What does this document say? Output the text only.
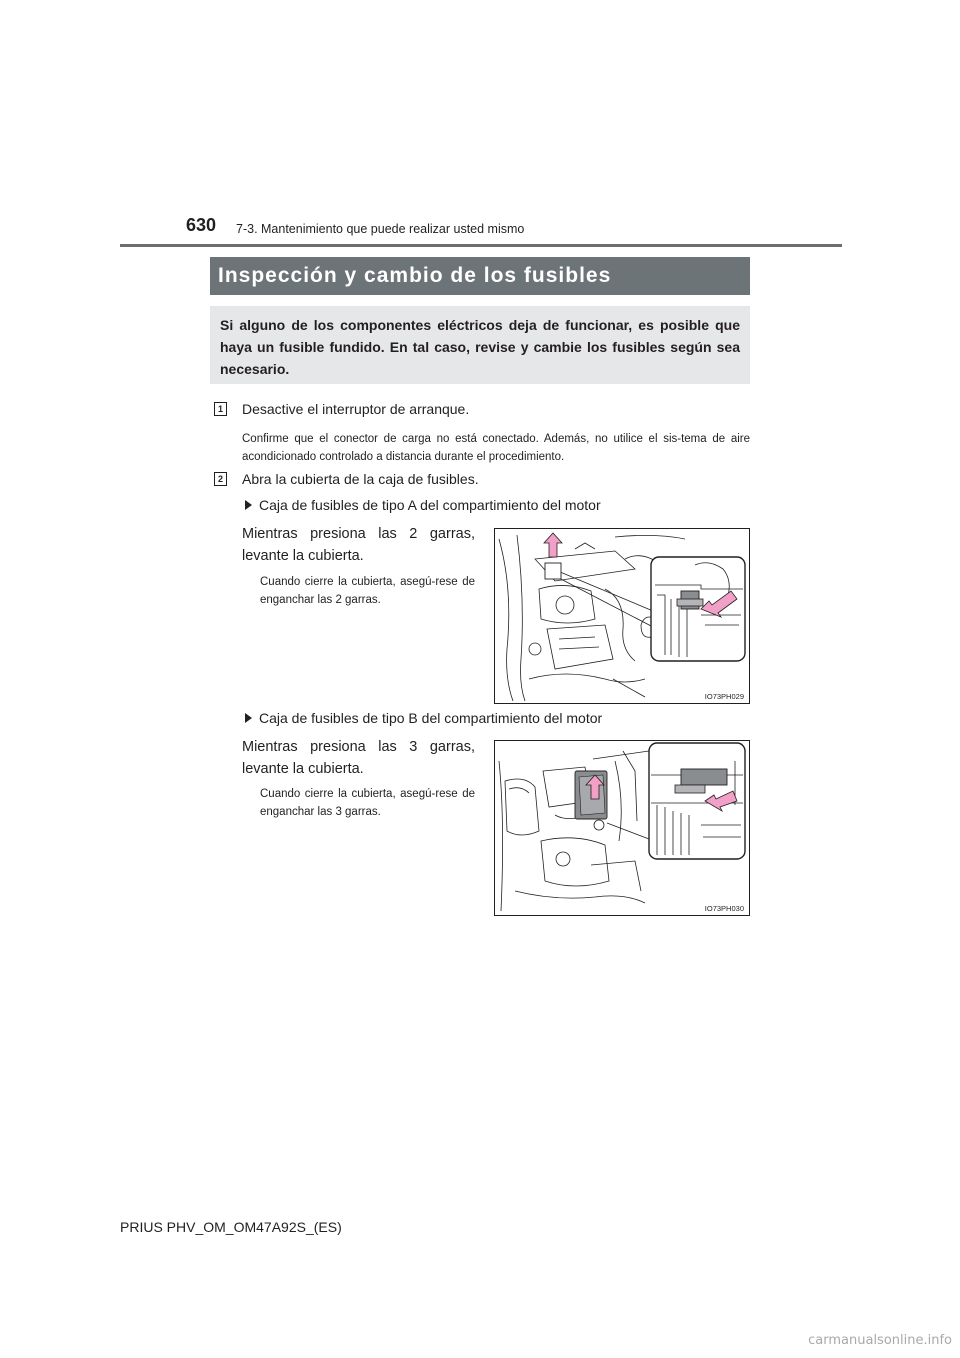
630 7-3. Mantenimiento que puede realizar usted mismo
Inspección y cambio de los fusibles
Si alguno de los componentes eléctricos deja de funcionar, es posible que haya un fusible fundido. En tal caso, revise y cambie los fusibles según sea necesario.
1 Desactive el interruptor de arranque.
Confirme que el conector de carga no está conectado. Además, no utilice el sis-tema de aire acondicionado controlado a distancia durante el procedimiento.
2 Abra la cubierta de la caja de fusibles.
Caja de fusibles de tipo A del compartimiento del motor
Mientras presiona las 2 garras, levante la cubierta.
Cuando cierre la cubierta, asegú-rese de enganchar las 2 garras.
IO73PH029
Caja de fusibles de tipo B del compartimiento del motor
Mientras presiona las 3 garras, levante la cubierta.
Cuando cierre la cubierta, asegú-rese de enganchar las 3 garras.
IO73PH030
PRIUS PHV_OM_OM47A92S_(ES)
carmanualsonline.info
